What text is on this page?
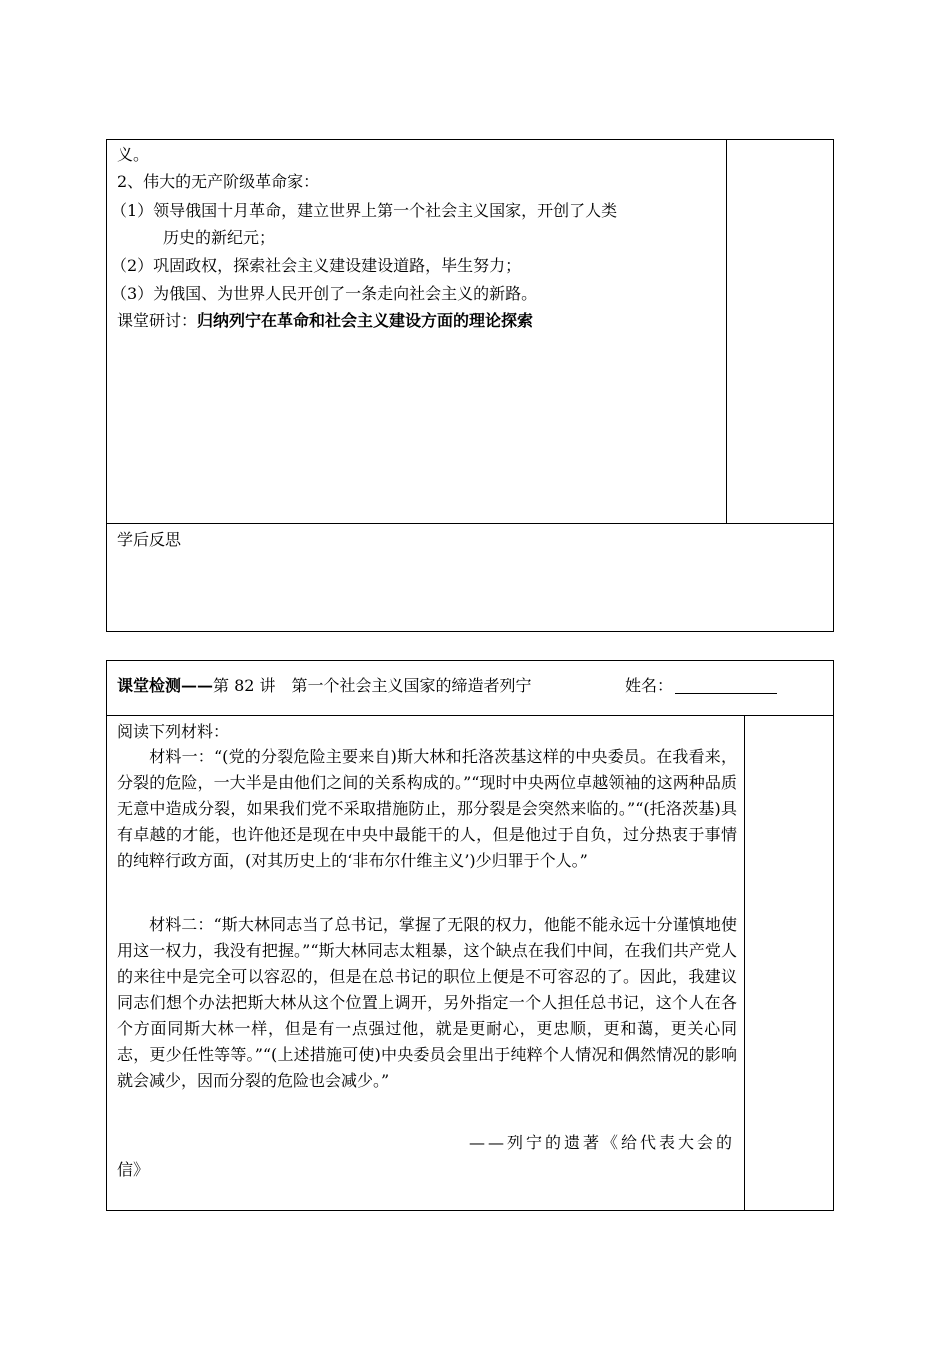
义。
2、伟大的无产阶级革命家：
（1）领导俄国十月革命，建立世界上第一个社会主义国家，开创了人类
历史的新纪元；
（2）巩固政权，探索社会主义建设建设道路，毕生努力；
（3）为俄国、为世界人民开创了一条走向社会主义的新路。
课堂研讨：归纳列宁在革命和社会主义建设方面的理论探索
学后反思
课堂检测——第 82 讲　第一个社会主义国家的缔造者列宁	姓名：
阅读下列材料：
材料一：“(党的分裂危险主要来自)斯大林和托洛茨基这样的中央委员。在我看来，分裂的危险，一大半是由他们之间的关系构成的。”“现时中央两位卓越领袖的这两种品质无意中造成分裂，如果我们党不采取措施防止，那分裂是会突然来临的。”“(托洛茨基)具有卓越的才能，也许他还是现在中央中最能干的人，但是他过于自负，过分热衷于事情的纯粹行政方面，(对其历史上的‘非布尔什维主义’)少归罪于个人。”
材料二：“斯大林同志当了总书记，掌握了无限的权力，他能不能永远十分谨慎地使用这一权力，我没有把握。”“斯大林同志太粗暴，这个缺点在我们中间，在我们共产党人的来往中是完全可以容忍的，但是在总书记的职位上便是不可容忍的了。因此，我建议同志们想个办法把斯大林从这个位置上调开，另外指定一个人担任总书记，这个人在各个方面同斯大林一样，但是有一点强过他，就是更耐心，更忠顺，更和蔼，更关心同志，更少任性等等。”“(上述措施可使)中央委员会里出于纯粹个人情况和偶然情况的影响就会减少，因而分裂的危险也会减少。”
——列宁的遗著《给代表大会的
信》
